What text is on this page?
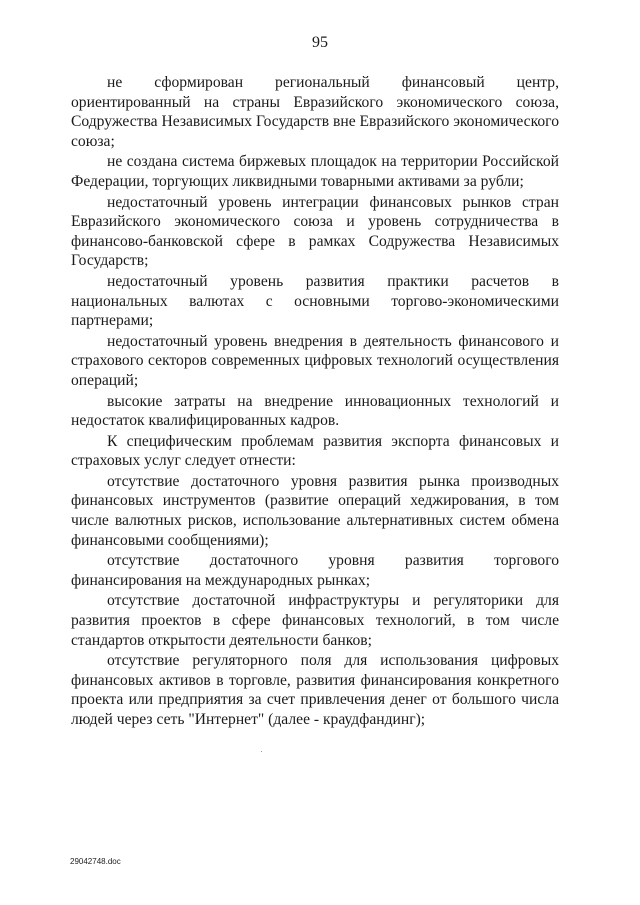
95

не сформирован региональный финансовый центр, ориентированный на страны Евразийского экономического союза, Содружества Независимых Государств вне Евразийского экономического союза;

не создана система биржевых площадок на территории Российской Федерации, торгующих ликвидными товарными активами за рубли;

недостаточный уровень интеграции финансовых рынков стран Евразийского экономического союза и уровень сотрудничества в финансово-банковской сфере в рамках Содружества Независимых Государств;

недостаточный уровень развития практики расчетов в национальных валютах с основными торгово-экономическими партнерами;

недостаточный уровень внедрения в деятельность финансового и страхового секторов современных цифровых технологий осуществления операций;

высокие затраты на внедрение инновационных технологий и недостаток квалифицированных кадров.

К специфическим проблемам развития экспорта финансовых и страховых услуг следует отнести:

отсутствие достаточного уровня развития рынка производных финансовых инструментов (развитие операций хеджирования, в том числе валютных рисков, использование альтернативных систем обмена финансовыми сообщениями);

отсутствие достаточного уровня развития торгового финансирования на международных рынках;

отсутствие достаточной инфраструктуры и регуляторики для развития проектов в сфере финансовых технологий, в том числе стандартов открытости деятельности банков;

отсутствие регуляторного поля для использования цифровых финансовых активов в торговле, развития финансирования конкретного проекта или предприятия за счет привлечения денег от большого числа людей через сеть "Интернет" (далее - краудфандинг);

29042748.doc
